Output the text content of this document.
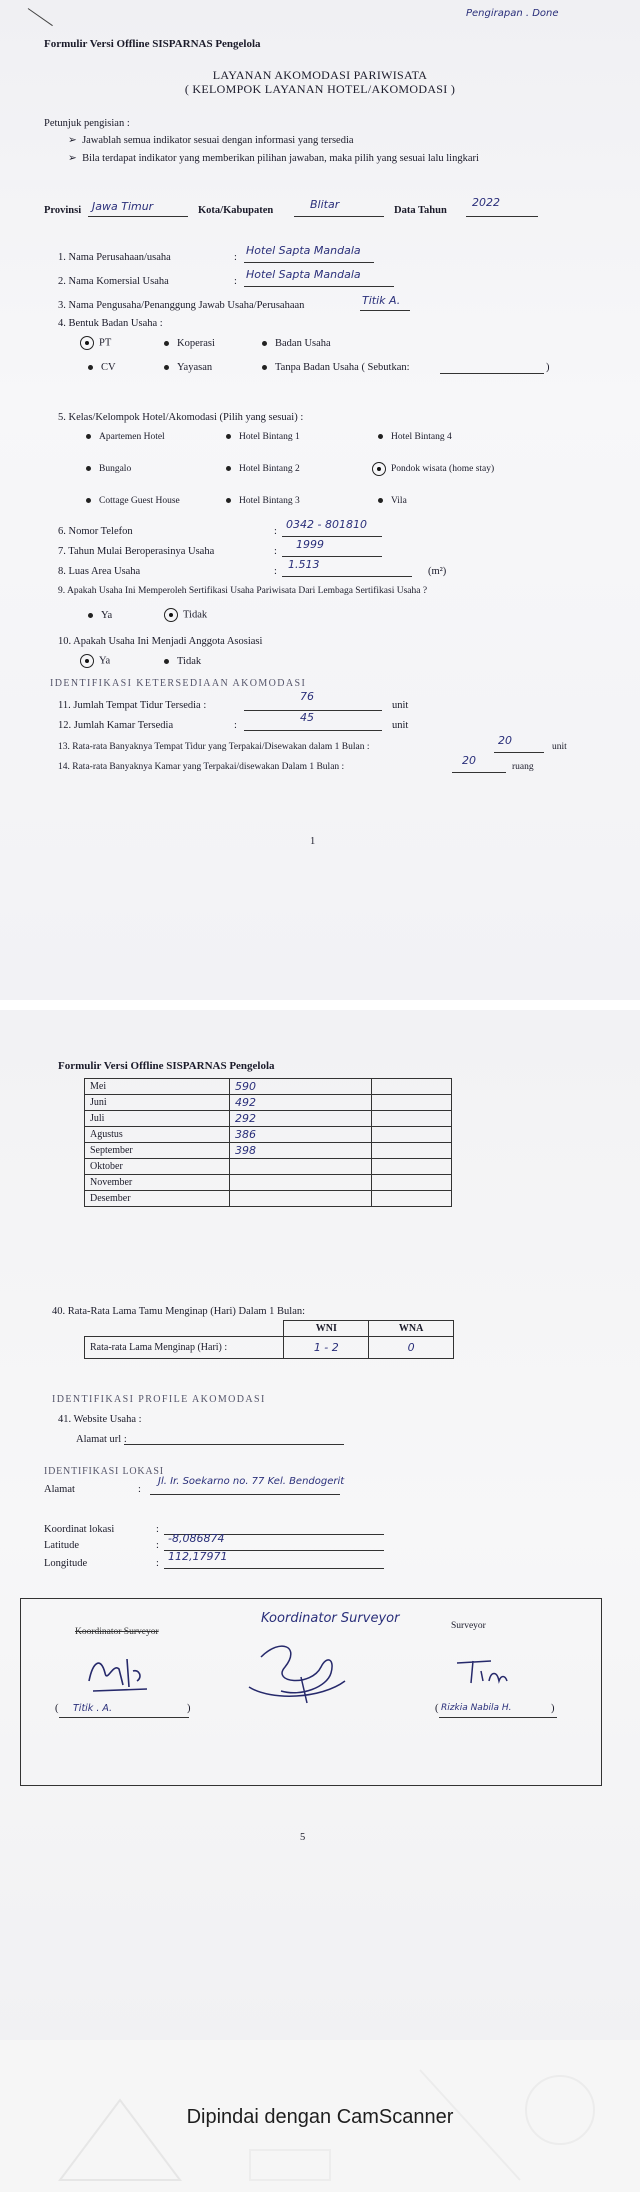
Pengirapan . Done
Formulir Versi Offline SISPARNAS Pengelola
LAYANAN AKOMODASI PARIWISATA
( KELOMPOK LAYANAN HOTEL/AKOMODASI )
Petunjuk pengisian :
➢  Jawablah semua indikator sesuai dengan informasi yang tersedia
➢  Bila terdapat indikator yang memberikan pilihan jawaban, maka pilih yang sesuai lalu lingkari
Provinsi Jawa Timur	Kota/Kabupaten	Blitar	Data Tahun
2022
1. Nama Perusahaan/usaha	:
Hotel Sapta Mandala
2. Nama Komersial Usaha	:
Hotel Sapta Mandala
3. Nama Pengusaha/Penanggung Jawab Usaha/Perusahaan	Titik A.
4. Bentuk Badan Usaha :
PT	Koperasi	Badan Usaha
CV	Yayasan	Tanpa Badan Usaha ( Sebutkan:	)
5. Kelas/Kelompok Hotel/Akomodasi (Pilih yang sesuai) :
Apartemen Hotel	Hotel Bintang 1	Hotel Bintang 4
Bungalo	Hotel Bintang 2	Pondok wisata (home stay)
Cottage Guest House	Hotel Bintang 3	Vila
6. Nomor Telefon	:
0342 - 801810
7. Tahun Mulai Beroperasinya Usaha	:
1999
8. Luas Area Usaha	:
1.513
(m²)
9. Apakah Usaha Ini Memperoleh Sertifikasi Usaha Pariwisata Dari Lembaga Sertifikasi Usaha ?
Ya	Tidak
10. Apakah Usaha Ini Menjadi Anggota Asosiasi
Ya	Tidak
IDENTIFIKASI KETERSEDIAAN AKOMODASI
11. Jumlah Tempat Tidur Tersedia :
76
unit
12. Jumlah Kamar Tersedia	:
45
unit
13. Rata-rata Banyaknya Tempat Tidur yang Terpakai/Disewakan dalam 1 Bulan :	20	unit
14. Rata-rata Banyaknya Kamar yang Terpakai/disewakan Dalam 1 Bulan :	20	ruang
1
Formulir Versi Offline SISPARNAS Pengelola
Mei	590	
Juni	492	
Juli	292	
Agustus	386	
September	398	
Oktober		
November		
Desember		
40. Rata-Rata Lama Tamu Menginap (Hari) Dalam 1 Bulan:
	WNI	WNA
Rata-rata Lama Menginap (Hari) :	1 - 2	0
IDENTIFIKASI PROFILE AKOMODASI
41. Website Usaha :
Alamat url :
IDENTIFIKASI LOKASI
Alamat	:
Jl. Ir. Soekarno no. 77 Kel. Bendogerit
Koordinat lokasi	:
Latitude	:
-8,086874
Longitude	:
112,17971
Koordinator Surveyor
Koordinator Surveyor	Surveyor
( Titik . A.	)	( Rizkia Nabila H.	)
5
Dipindai dengan CamScanner
